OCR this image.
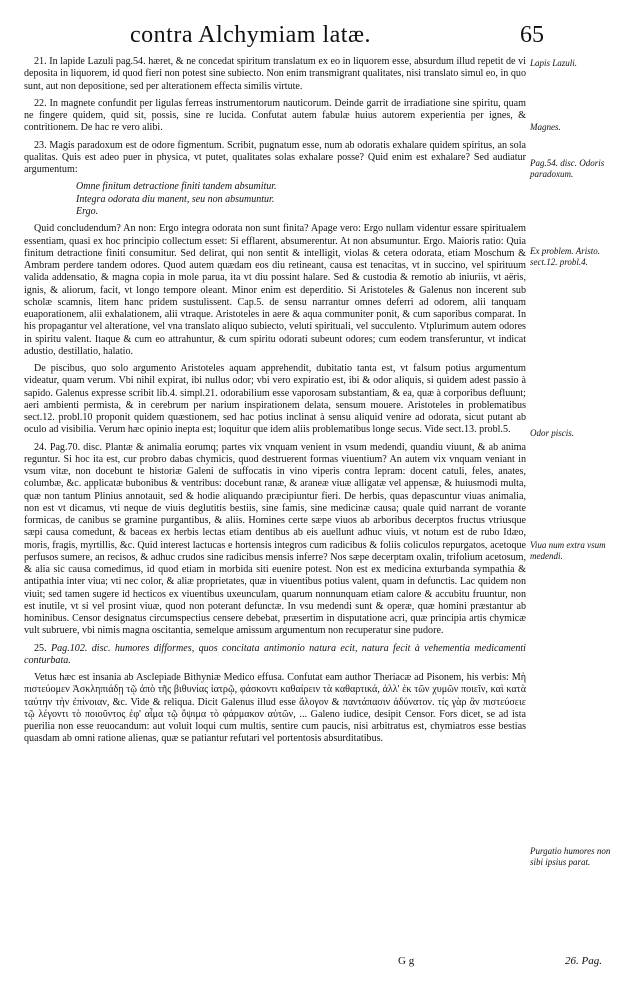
contra Alchymiam latæ.	65

21. In lapide Lazuli pag.54. hæret, & ne concedat spiritum translatum ex eo in liquorem esse, absurdum illud repetit de vi deposita in liquorem, id quod fieri non potest sine subiecto. Non enim transmigrant qualitates, nisi translato simul eo, in quo sunt, aut non depositione, sed per alterationem effecta similis virtute.

22. In magnete confundit per ligulas ferreas instrumentorum nauticorum. Deinde garrit de irradiatione sine spiritu, quam ne fingere quidem, quid sit, possis, sine re lucida. Confutat autem fabulæ huius autorem experientia per ignes, & contritionem. De hac re vero alibi.

23. Magis paradoxum est de odore figmentum. Scribit, pugnatum esse, num ab odoratis exhalare quidem spiritus, an sola qualitas. Quis est adeo puer in physica, vt putet, qualitates solas exhalare posse? Quid enim est exhalare? Sed audiatur argumentum:

Omne finitum detractione finiti tandem absumitur.

Integra odorata diu manent, seu non absumuntur.

Ergo.

Quid concludendum? An non: Ergo integra odorata non sunt finita? Apage vero: Ergo nullam videntur essare spiritualem essentiam, quasi ex hoc principio collectum esset: Si efflarent, absumerentur. At non absumuntur. Ergo. Maioris ratio: Quia finitum detractione finiti consumitur. Sed delirat, qui non sentit & intelligit, violas & cetera odorata, etiam Moschum & Ambram perdere tandem odores. Quod autem quædam eos diu retineant, causa est tenacitas, vt in succino, vel spirituum valida addensatio, & magna copia in mole parua, ita vt diu possint halare. Sed & custodia & remotio ab iniuriis, vt aëris, ignis, & aliorum, facit, vt longo tempore oleant. Minor enim est deperditio. Si Aristoteles & Galenus non incerent sub scholæ scamnis, litem hanc pridem sustulissent. Cap.5. de sensu narrantur omnes deferri ad odorem, alii tanquam euaporationem, alii exhalationem, alii vtraque. Aristoteles in aere & aqua communiter ponit, & cum saporibus comparat. In his propagantur vel alteratione, vel vna translato aliquo subiecto, veluti spirituali, vel succulento. Vtplurimum autem odores in spiritu valent. Itaque & cum eo attrahuntur, & cum spiritu odorati subeunt odores; cum eodem transferuntur, vt indicat adustio, destillatio, halatio.

De piscibus, quo solo argumento Aristoteles aquam apprehendit, dubitatio tanta est, vt falsum potius argumentum videatur, quam verum. Vbi nihil expirat, ibi nullus odor; vbi vero expiratio est, ibi & odor aliquis, si quidem adest passio à sapido. Galenus expresse scribit lib.4. simpl.21. odorabilium esse vaporosam substantiam, & ea, quæ à corporibus defluunt; aeri ambienti permista, & in cerebrum per narium inspirationem delata, sensum mouere. Aristoteles in problematibus sect.12. probl.10 proponit quidem quæstionem, sed hac potius inclinat à sensu aliquid venire ad odorata, sicut putant ab oculo ad visibilia. Verum hæc opinio inepta est; loquitur que idem aliis problematibus longe secus. Vide sect.13. probl.5.

24. Pag.70. disc. Plantæ & animalia eorumq; partes vix vnquam venient in vsum medendi, quandiu viuunt, & ab anima reguntur. Si hoc ita est, cur probro dabas chymicis, quod destruerent formas viuentium? An autem vix vnquam veniant in vsum vitæ, non docebunt te historiæ Galeni de suffocatis in vino viperis contra lepram: docent catuli, feles, anates, columbæ, &c. applicatæ bubonibus & ventribus: docebunt ranæ, & araneæ viuæ alligatæ vel appensæ, & huiusmodi multa, quæ non tantum Plinius annotauit, sed & hodie aliquando præcipiuntur fieri. De herbis, quas depascuntur viuas animalia, non est vt dicamus, vti neque de viuis deglutitis bestiis, sine famis, sine medicinæ causa; quale quid narrant de vorante formicas, de canibus se gramine purgantibus, & aliis. Homines certe sæpe viuos ab arboribus decerptos fructus vtriusque sæpi causa comedunt, & baceas ex herbis lectas etiam dentibus ab eis auellunt adhuc viuis, vt notum est de rubo Idæo, moris, fragis, myrtillis, &c. Quid interest lactucas e hortensis integros cum radicibus & foliis coliculos repurgatos, acetoque perfusos sumere, an recisos, & adhuc crudos sine radicibus mensis inferre? Nos sæpe decerptam oxalin, trifolium acetosum, & alia sic causa comedimus, id quod etiam in morbida siti euenire potest. Non est ex medicina exturbanda sympathia & antipathia inter viua; vti nec color, & aliæ proprietates, quæ in viuentibus potius valent, quam in defunctis. Lac quidem non viuit; sed tamen sugere id hecticos ex viuentibus uxeunculam, quarum nonnunquam etiam calore & accubitu fruuntur, non est inutile, vt si vel prosint viuæ, quod non poterant defunctæ. In vsu medendi sunt & operæ, quæ homini præstantur ab hominibus. Censor designatus circumspectius censere debebat, præsertim in disputatione acri, quæ principia artis chymicæ vult subruere, vbi nimis magna oscitantia, semelque amissum argumentum non recuperatur sine pudore.

25. Pag.102. disc. humores difformes, quos concitata antimonio natura ecit, natura fecit à vehementia medicamenti conturbata.

Vetus hæc est insania ab Asclepiade Bithyniæ Medico effusa. Confutat eam author Theriacæ ad Pisonem, his verbis: Μὴ πιστεύομεν Ἀσκληπιάδῃ τῷ ἀπὸ τῆς βιθυνίας ἰατρῷ, φάσκοντι καθαίρειν τὰ καθαρτικά, ἀλλ' ἐκ τῶν χυμῶν ποιεῖν, καὶ κατὰ ταύτην τὴν ἐπίνοιαν, &c. Vide & reliqua. Dicit Galenus illud esse ἄλογον & παντάπασιν ἀδύνατον. τίς γὰρ ἂν πιστεύσειε τῷ λέγοντι τὸ ποιοῦντος ἐφ' αἷμα τῷ ὄψιμα τὸ φάρμακον αὐτῶν, ... Galeno iudice, desipit Censor. Fors dicet, se ad ista puerilia non esse reuocandum: aut voluit loqui cum multis, sentire cum paucis, nisi arbitratus est, chymiatros esse bestias quasdam ab omni ratione alienas, quæ se patiantur refutari vel portentosis absurditatibus.

Lapis Lazuli.
Magnes.
Pag.54. disc. Odoris paradoxum.
Ex problem. Aristo. sect.12. probl.4.
Odor piscis.
Viua num extra vsum medendi.
Purgatio humores non sibi ipsius parat.
G g	26. Pag.
